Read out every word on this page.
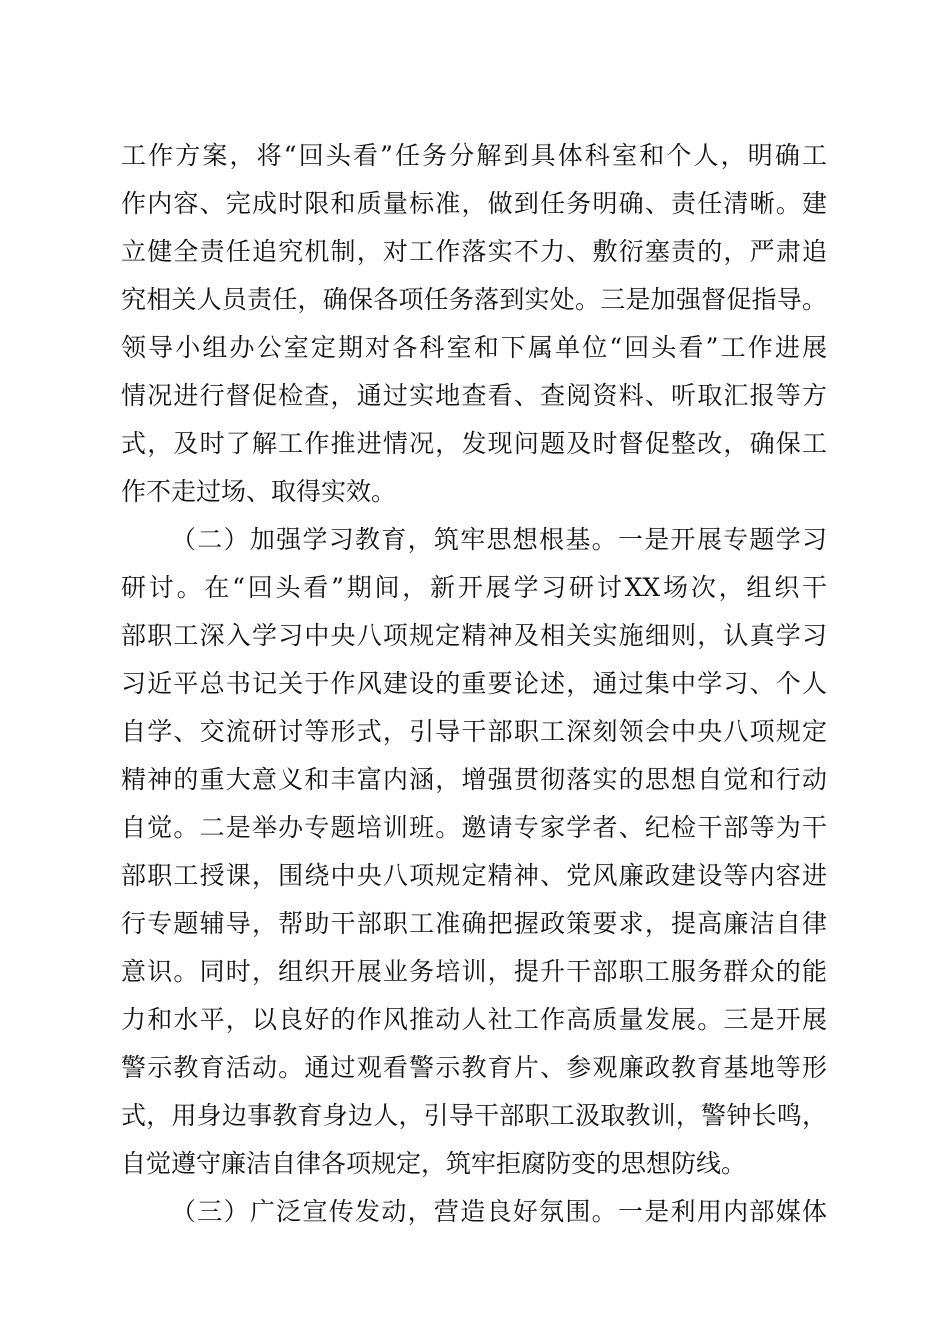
工作方案，将“回头看”任务分解到具体科室和个人，明确工
作内容、完成时限和质量标准，做到任务明确、责任清晰。建
立健全责任追究机制，对工作落实不力、敷衍塞责的，严肃追
究相关人员责任，确保各项任务落到实处。三是加强督促指导。
领导小组办公室定期对各科室和下属单位“回头看”工作进展
情况进行督促检查，通过实地查看、查阅资料、听取汇报等方
式，及时了解工作推进情况，发现问题及时督促整改，确保工
作不走过场、取得实效。
（二）加强学习教育，筑牢思想根基。一是开展专题学习
研讨。在“回头看”期间，新开展学习研讨XX场次，组织干
部职工深入学习中央八项规定精神及相关实施细则，认真学习
习近平总书记关于作风建设的重要论述，通过集中学习、个人
自学、交流研讨等形式，引导干部职工深刻领会中央八项规定
精神的重大意义和丰富内涵，增强贯彻落实的思想自觉和行动
自觉。二是举办专题培训班。邀请专家学者、纪检干部等为干
部职工授课，围绕中央八项规定精神、党风廉政建设等内容进
行专题辅导，帮助干部职工准确把握政策要求，提高廉洁自律
意识。同时，组织开展业务培训，提升干部职工服务群众的能
力和水平，以良好的作风推动人社工作高质量发展。三是开展
警示教育活动。通过观看警示教育片、参观廉政教育基地等形
式，用身边事教育身边人，引导干部职工汲取教训，警钟长鸣，
自觉遵守廉洁自律各项规定，筑牢拒腐防变的思想防线。
（三）广泛宣传发动，营造良好氛围。一是利用内部媒体
